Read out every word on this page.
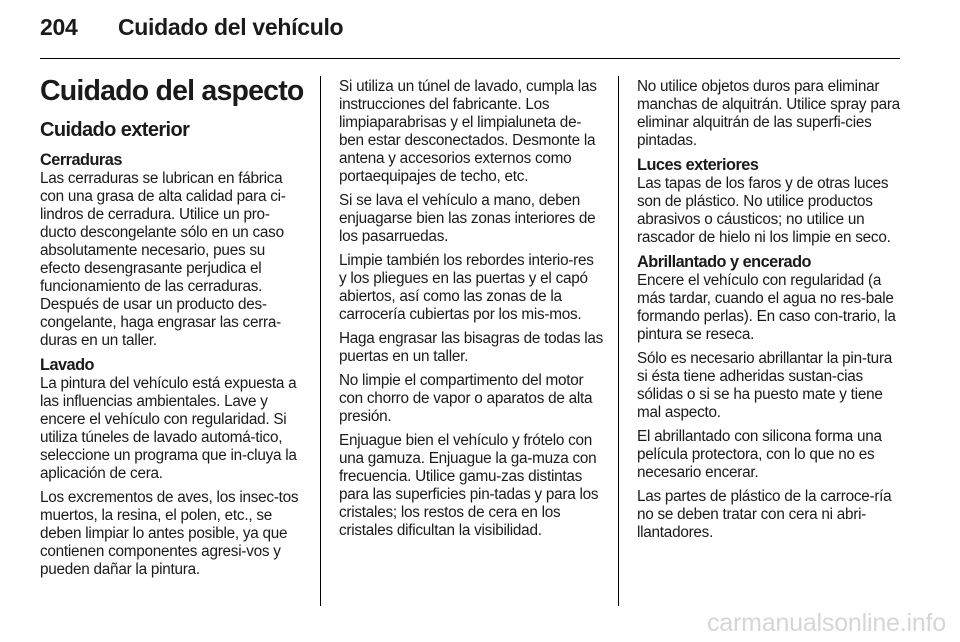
204 Cuidado del vehículo
Cuidado del aspecto
Cuidado exterior
Cerraduras

Las cerraduras se lubrican en fábrica con una grasa de alta calidad para ci-lindros de cerradura. Utilice un pro-ducto descongelante sólo en un caso absolutamente necesario, pues su efecto desengrasante perjudica el funcionamiento de las cerraduras. Después de usar un producto des-congelante, haga engrasar las cerra-duras en un taller.

Lavado

La pintura del vehículo está expuesta a las influencias ambientales. Lave y encere el vehículo con regularidad. Si utiliza túneles de lavado automá-tico, seleccione un programa que in-cluya la aplicación de cera.

Los excrementos de aves, los insec-tos muertos, la resina, el polen, etc., se deben limpiar lo antes posible, ya que contienen componentes agresi-vos y pueden dañar la pintura.

Si utiliza un túnel de lavado, cumpla las instrucciones del fabricante. Los limpiaparabrisas y el limpialuneta de-ben estar desconectados. Desmonte la antena y accesorios externos como portaequipajes de techo, etc.

Si se lava el vehículo a mano, deben enjuagarse bien las zonas interiores de los pasarruedas.

Limpie también los rebordes interio-res y los pliegues en las puertas y el capó abiertos, así como las zonas de la carrocería cubiertas por los mis-mos.

Haga engrasar las bisagras de todas las puertas en un taller.

No limpie el compartimento del motor con chorro de vapor o aparatos de alta presión.

Enjuague bien el vehículo y frótelo con una gamuza. Enjuague la ga-muza con frecuencia. Utilice gamu-zas distintas para las superficies pin-tadas y para los cristales; los restos de cera en los cristales dificultan la visibilidad.

No utilice objetos duros para eliminar manchas de alquitrán. Utilice spray para eliminar alquitrán de las superfi-cies pintadas.

Luces exteriores

Las tapas de los faros y de otras luces son de plástico. No utilice productos abrasivos o cáusticos; no utilice un rascador de hielo ni los limpie en seco.

Abrillantado y encerado

Encere el vehículo con regularidad (a más tardar, cuando el agua no res-bale formando perlas). En caso con-trario, la pintura se reseca.

Sólo es necesario abrillantar la pin-tura si ésta tiene adheridas sustan-cias sólidas o si se ha puesto mate y tiene mal aspecto.

El abrillantado con silicona forma una película protectora, con lo que no es necesario encerar.

Las partes de plástico de la carroce-ría no se deben tratar con cera ni abri-llantadores.

carmanualsonline.info
